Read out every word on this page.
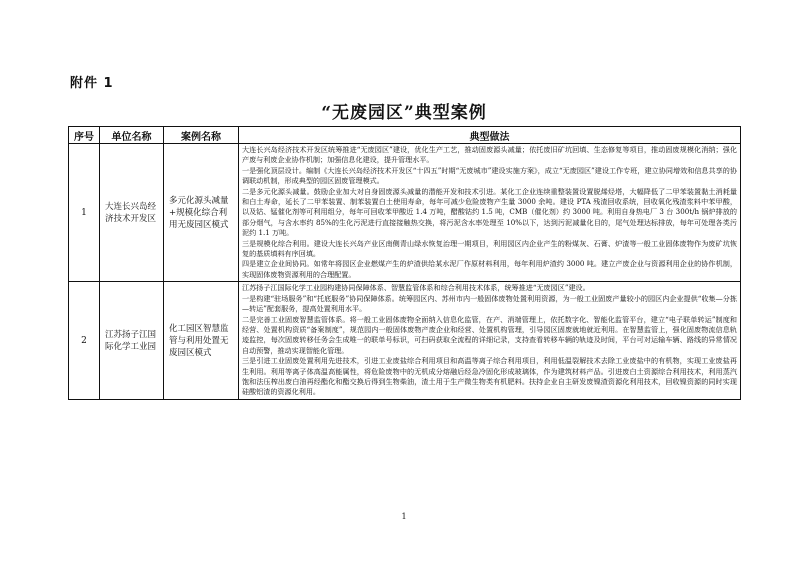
附件 1
“无废园区”典型案例
序号	单位名称	案例名称	典型做法
1	大连长兴岛经济技术开发区	多元化源头减量+规模化综合利用无废园区模式	大连长兴岛经济技术开发区统筹推进“无废园区”建设，优化生产工艺，推动固废源头减量；依托废旧矿坑回填、生态修复等项目，推动固废规模化消纳；强化产废与利废企业协作机制；加强信息化建设，提升管理水平。

一是强化顶层设计。编制《大连长兴岛经济技术开发区“十四五”时期“无废城市”建设实施方案》，成立“无废园区”建设工作专班，建立协同增效和信息共享的协调联动机制，形成典型的园区固废管理模式。

二是多元化源头减量。鼓励企业加大对自身固废源头减量的潜能开发和技术引进。某化工企业连续重整装置设置脱烯烃塔，大幅降低了二甲苯装置黏土消耗量和白土寿命，延长了二甲苯装置、制苯装置白土使用寿命，每年可减少危险废物产生量 3000 余吨。建设 PTA 残渣回收系统，回收氧化残渣浆料中苯甲酸，以及钴、锰催化剂等可利用组分，每年可回收苯甲酸近 1.4 万吨，醋酸钴约 1.5 吨，CMB（催化剂）约 3000 吨。利用自身热电厂 3 台 300t/h 锅炉排放的部分烟气，与含水率约 85%的生化污泥进行直接接触热交换，将污泥含水率处理至 10%以下，达到污泥减量化目的，尾气处理达标排放，每年可处理各类污泥约 1.1 万吨。

三是规模化综合利用。建设大连长兴岛产业区南侧青山绿水恢复治理一期项目，利用园区内企业产生的粉煤灰、石膏、炉渣等一般工业固体废物作为废矿坑恢复的基质填料有序回填。

四是建立企业间协同。如常年将园区企业燃煤产生的炉渣供给某水泥厂作原材料利用，每年利用炉渣约 3000 吨。建立产废企业与资源利用企业的协作机制，实现固体废物资源利用的合理配置。

2	江苏扬子江国际化学工业园	化工园区智慧监管与利用处置无废园区模式	江苏扬子江国际化学工业园构建协同保障体系、智慧监管体系和综合利用技术体系，统筹推进“无废园区”建设。

一是构建“驻场服务”和“托底服务”协同保障体系。统筹园区内、苏州市内一般固体废物处置利用资源，为一般工业固废产量较小的园区内企业提供“收集—分拣—转运”配套服务，提高处置利用水平。

二是完善工业固废智慧监管体系。将一般工业固体废物全面纳入信息化监管，在产、消端管理上，依托数字化、智能化监管平台，建立“电子联单转运”制度和经营、处置机构资质“备案制度”，规范园内一般固体废物产废企业和经营、处置机构管理，引导园区固废就地就近利用。在智慧监管上，强化固废物流信息轨迹监控，每次固废转移任务会生成唯一的联单号标识，可扫码获取全流程的详细记录，支持查看转移车辆的轨迹及时间，平台可对运输车辆、路线的异常情况自动预警，推动实现智能化管理。

三是引进工业固废处置利用先进技术，引进工业废盐综合利用项目和高温等离子综合利用项目，利用低温裂解技术去除工业废盐中的有机物，实现工业废盐再生利用。利用等离子体高温高能属性，将危险废物中的无机成分熔融后经急冷固化形成玻璃体，作为建筑材料产品。引进废白土资源综合利用技术，利用蒸汽饱和法压榨出废白油再经酯化和酯交换后得到生物柴油，渣土用于生产微生物类有机肥料。扶持企业自主研发废镍渣资源化利用技术，回收镍资源的同时实现硅酸铝渣的资源化利用。

1
